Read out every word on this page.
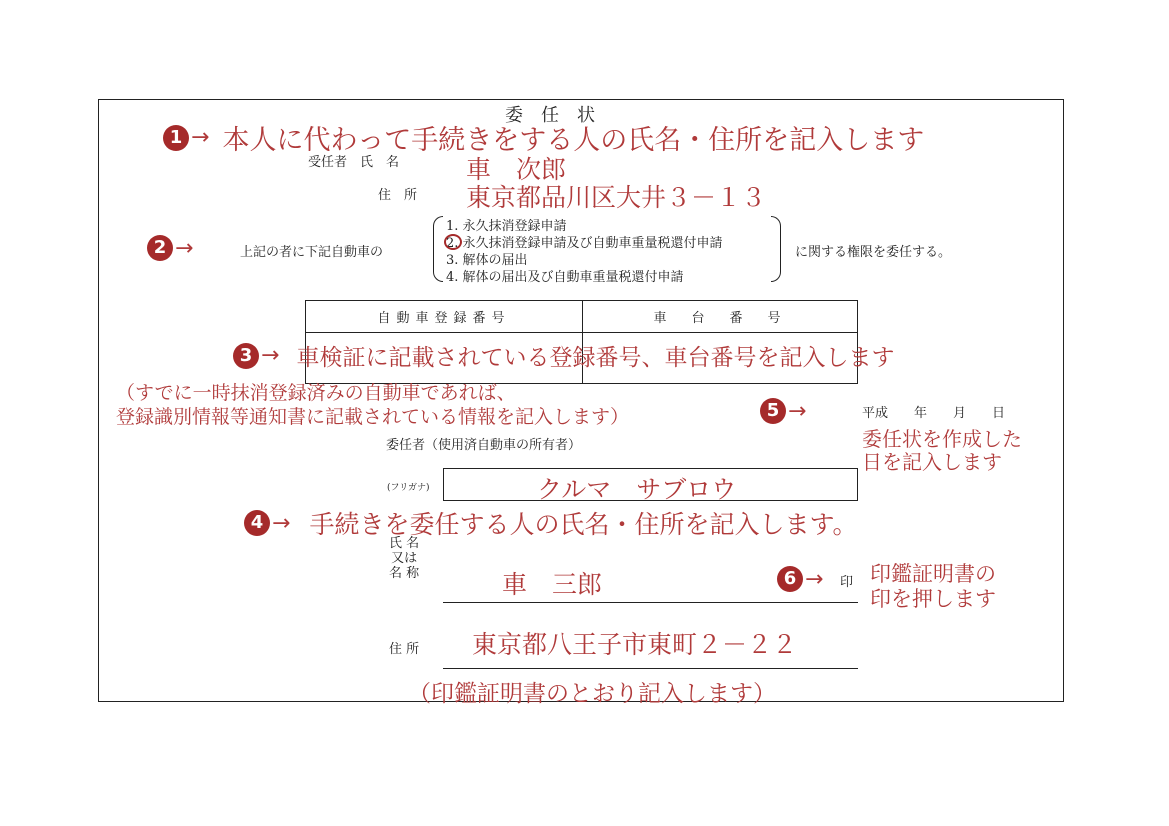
委　任　状
1 → 本人に代わって手続きをする人の氏名・住所を記入します
受任者　氏　名	車　次郎
住　所 東京都品川区大井３－１３
2 →	上記の者に下記自動車の
1. 永久抹消登録申請
2. 永久抹消登録申請及び自動車重量税還付申請
3. 解体の届出
4. 解体の届出及び自動車重量税還付申請
に関する権限を委任する。
自動車登録番号	車　台　番　号

3 → 車検証に記載されている登録番号、車台番号を記入します
（すでに一時抹消登録済みの自動車であれば、
登録識別情報等通知書に記載されている情報を記入します）	5 →	平成　　年　　月　　日
委任状を作成した
日を記入します
委任者（使用済自動車の所有者）
(フリガナ)	クルマ　サブロウ
4 → 手続きを委任する人の氏名・住所を記入します。
氏 名
又は
名 称	車　三郎	6 → 印 印鑑証明書の
印を押します
住 所 東京都八王子市東町２－２２
（印鑑証明書のとおり記入します）
